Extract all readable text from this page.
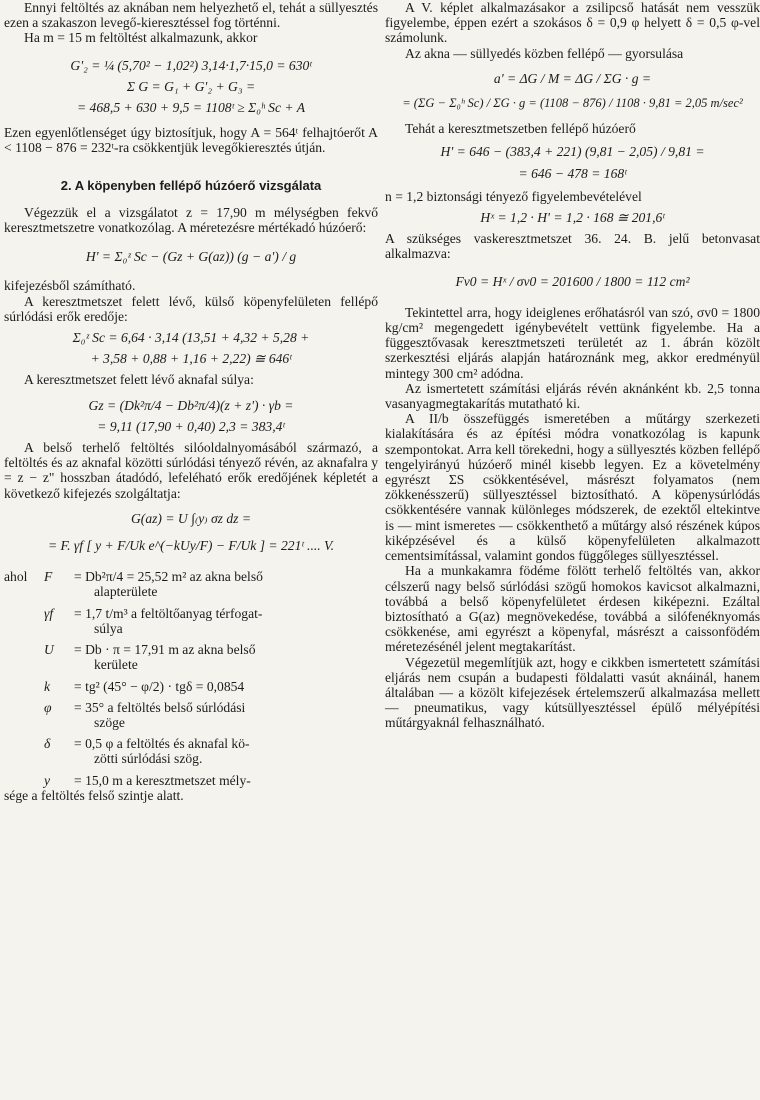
Ennyi feltöltés az aknában nem helyezhető el, tehát a süllyesztés ezen a szakaszon levegő-kieresztéssel fog történni.

Ha m = 15 m feltöltést alkalmazunk, akkor

G'₂ = ¼ (5,70² − 1,02²) 3,14·1,7·15,0 = 630ᵗ
Σ G = G₁ + G'₂ + G₃ =
= 468,5 + 630 + 9,5 = 1108ᵗ ≥ Σ₀ʰ Sc + A

Ezen egyenlőtlenséget úgy biztosítjuk, hogy A = 564ᵗ felhajtóerőt A < 1108 − 876 = 232ᵗ-ra csökkentjük levegőkieresztés útján.

2. A köpenyben fellépő húzóerő vizsgálata

Végezzük el a vizsgálatot z = 17,90 m mélységben fekvő keresztmetszetre vonatkozólag. A méretezésre mértékadó húzóerő:

H' = Σ₀ᶻ Sc − (Gz + G(az)) (g − a') / g

kifejezésből számítható.

A keresztmetszet felett lévő, külső köpenyfelületen fellépő súrlódási erők eredője:

Σ₀ᶻ Sc = 6,64 · 3,14 (13,51 + 4,32 + 5,28 +
+ 3,58 + 0,88 + 1,16 + 2,22) ≅ 646ᵗ

A keresztmetszet felett lévő aknafal súlya:

Gz = (Dk²π/4 − Db²π/4)(z + z') · γb =
= 9,11 (17,90 + 0,40) 2,3 = 383,4ᵗ

A belső terhelő feltöltés silóoldalnyomásából származó, a feltöltés és az aknafal közötti súrlódási tényező révén, az aknafalra y = z − z" hosszban átadódó, lefeléható erők eredőjének képletét a következő kifejezés szolgáltatja:

G(az) = U ∫₍y₎ σz dz =
= F. γf [ y + F/Uk e^(−kUy/F) − F/Uk ] = 221ᵗ .... V.
ahol	F	= Db²π/4 = 25,52 m² az akna belső
alapterülete
γf	= 1,7 t/m³ a feltöltőanyag térfogat-
súlya
U	= Db · π = 17,91 m az akna belső
kerülete
k	= tg² (45° − φ/2) · tgδ = 0,0854
φ	= 35° a feltöltés belső súrlódási
szöge
δ	= 0,5 φ a feltöltés és aknafal kö-
zötti súrlódási szög.
y	= 15,0 m a keresztmetszet mély-

sége a feltöltés felső szintje alatt.

A V. képlet alkalmazásakor a zsilipcső hatását nem vesszük figyelembe, éppen ezért a szokásos δ = 0,9 φ helyett δ = 0,5 φ-vel számolunk.

Az akna — süllyedés közben fellépő — gyorsulása

a' = ΔG / M = ΔG / ΣG · g =
= (ΣG − Σ₀ʰ Sc) / ΣG · g = (1108 − 876) / 1108 · 9,81 = 2,05 m/sec²

Tehát a keresztmetszetben fellépő húzóerő

H' = 646 − (383,4 + 221) (9,81 − 2,05) / 9,81 =
= 646 − 478 = 168ᵗ

n = 1,2 biztonsági tényező figyelembevételével

Hˣ = 1,2 · H' = 1,2 · 168 ≅ 201,6ᵗ

A szükséges vaskeresztmetszet 36. 24. B. jelű betonvasat alkalmazva:

Fv0 = Hˣ / σv0 = 201600 / 1800 = 112 cm²

Tekintettel arra, hogy ideiglenes erőhatásról van szó, σv0 = 1800 kg/cm² megengedett igénybevételt vettünk figyelembe. Ha a függesztővasak keresztmetszeti területét az 1. ábrán közölt szerkesztési eljárás alapján határoznánk meg, akkor eredményül mintegy 300 cm² adódna.

Az ismertetett számítási eljárás révén aknánként kb. 2,5 tonna vasanyagmegtakarítás mutatható ki.

A II/b összefüggés ismeretében a műtárgy szerkezeti kialakítására és az építési módra vonatkozólag is kapunk szempontokat. Arra kell törekedni, hogy a süllyesztés közben fellépő tengelyirányú húzóerő minél kisebb legyen. Ez a követelmény egyrészt ΣS csökkentésével, másrészt folyamatos (nem zökkenésszerű) süllyesztéssel biztosítható. A köpenysúrlódás csökkentésére vannak különleges módszerek, de ezektől eltekintve is — mint ismeretes — csökkenthető a műtárgy alsó részének kúpos kiképzésével és a külső köpenyfelületen alkalmazott cementsimítással, valamint gondos függőleges süllyesztéssel.

Ha a munkakamra födéme fölött terhelő feltöltés van, akkor célszerű nagy belső súrlódási szögű homokos kavicsot alkalmazni, továbbá a belső köpenyfelületet érdesen kiképezni. Ezáltal biztosítható a G(az) megnövekedése, továbbá a silófenéknyomás csökkenése, ami egyrészt a köpenyfal, másrészt a caissonfödém méretezésénél jelent megtakarítást.

Végezetül megemlítjük azt, hogy e cikkben ismertetett számítási eljárás nem csupán a budapesti földalatti vasút aknáinál, hanem általában — a közölt kifejezések értelemszerű alkalmazása mellett — pneumatikus, vagy kútsüllyesztéssel épülő mélyépítési műtárgyaknál felhasználható.
